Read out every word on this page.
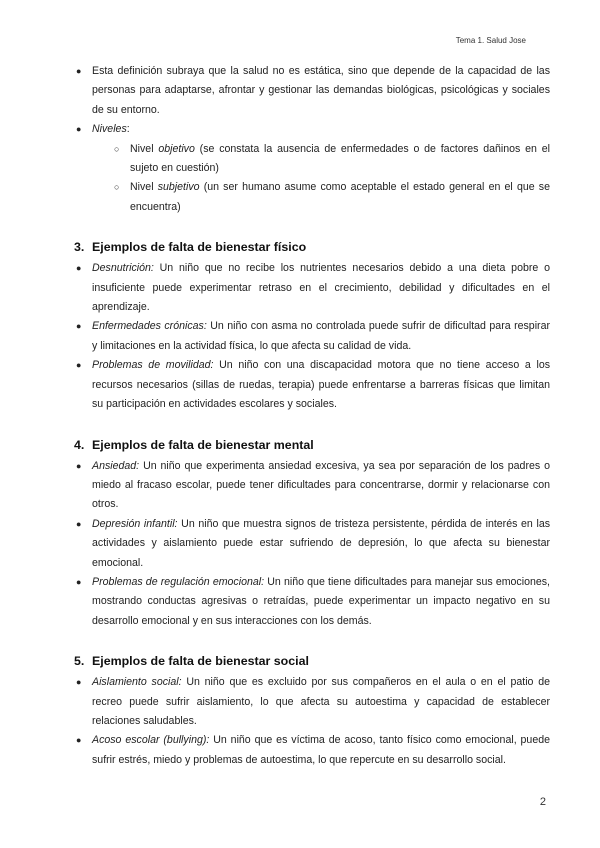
Tema 1. Salud Jose
● Esta definición subraya que la salud no es estática, sino que depende de la capacidad de las personas para adaptarse, afrontar y gestionar las demandas biológicas, psicológicas y sociales de su entorno.
● Niveles:
○ Nivel objetivo (se constata la ausencia de enfermedades o de factores dañinos en el sujeto en cuestión)
○ Nivel subjetivo (un ser humano asume como aceptable el estado general en el que se encuentra)
3. Ejemplos de falta de bienestar físico
● Desnutrición: Un niño que no recibe los nutrientes necesarios debido a una dieta pobre o insuficiente puede experimentar retraso en el crecimiento, debilidad y dificultades en el aprendizaje.
● Enfermedades crónicas: Un niño con asma no controlada puede sufrir de dificultad para respirar y limitaciones en la actividad física, lo que afecta su calidad de vida.
● Problemas de movilidad: Un niño con una discapacidad motora que no tiene acceso a los recursos necesarios (sillas de ruedas, terapia) puede enfrentarse a barreras físicas que limitan su participación en actividades escolares y sociales.
4. Ejemplos de falta de bienestar mental
● Ansiedad: Un niño que experimenta ansiedad excesiva, ya sea por separación de los padres o miedo al fracaso escolar, puede tener dificultades para concentrarse, dormir y relacionarse con otros.
● Depresión infantil: Un niño que muestra signos de tristeza persistente, pérdida de interés en las actividades y aislamiento puede estar sufriendo de depresión, lo que afecta su bienestar emocional.
● Problemas de regulación emocional: Un niño que tiene dificultades para manejar sus emociones, mostrando conductas agresivas o retraídas, puede experimentar un impacto negativo en su desarrollo emocional y en sus interacciones con los demás.
5. Ejemplos de falta de bienestar social
● Aislamiento social: Un niño que es excluido por sus compañeros en el aula o en el patio de recreo puede sufrir aislamiento, lo que afecta su autoestima y capacidad de establecer relaciones saludables.
● Acoso escolar (bullying): Un niño que es víctima de acoso, tanto físico como emocional, puede sufrir estrés, miedo y problemas de autoestima, lo que repercute en su desarrollo social.
2
